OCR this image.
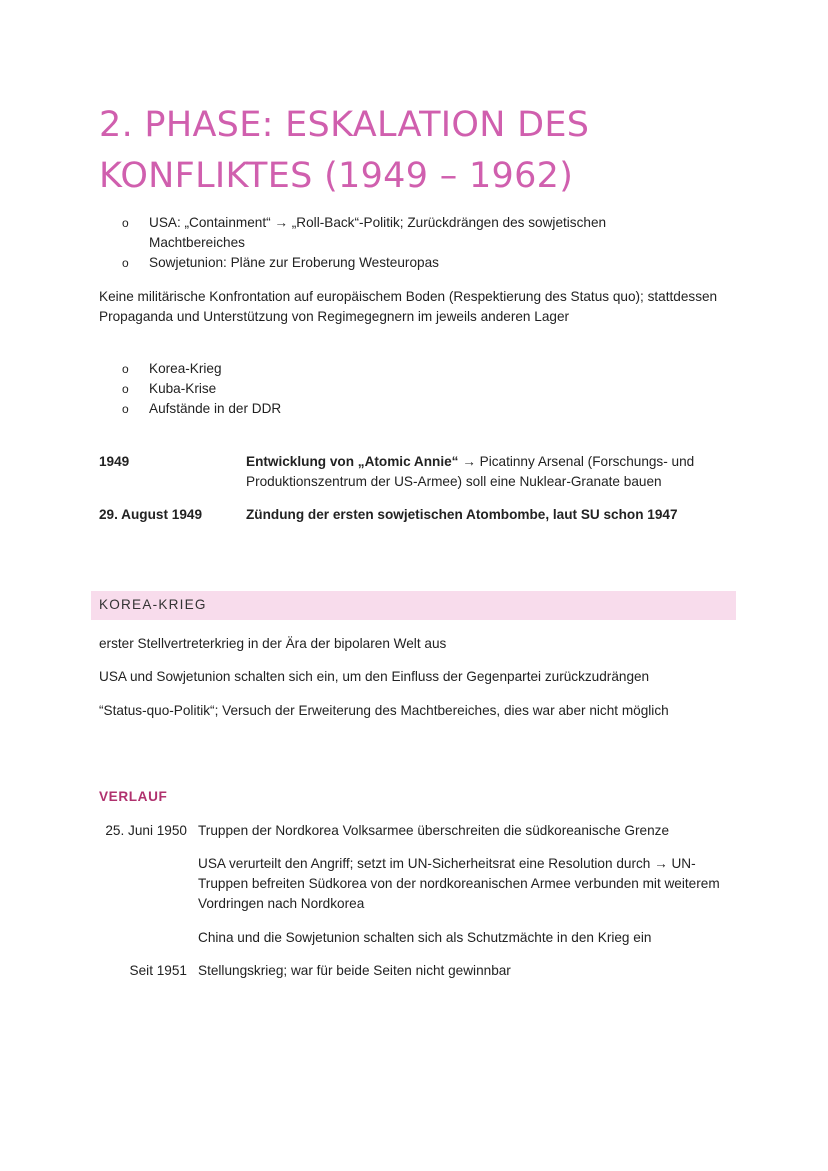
2. PHASE: ESKALATION DES
KONFLIKTES (1949 – 1962)
o USA: „Containment“ → „Roll-Back“-Politik; Zurückdrängen des sowjetischen Machtbereiches
o Sowjetunion: Pläne zur Eroberung Westeuropas

Keine militärische Konfrontation auf europäischem Boden (Respektierung des Status quo); stattdessen Propaganda und Unterstützung von Regimegegnern im jeweils anderen Lager

o Korea-Krieg
o Kuba-Krise
o Aufstände in der DDR
1949	Entwicklung von „Atomic Annie“ → Picatinny Arsenal (Forschungs- und Produktionszentrum der US-Armee) soll eine Nuklear-Granate bauen
29. August 1949	Zündung der ersten sowjetischen Atombombe, laut SU schon 1947
KOREA-KRIEG

erster Stellvertreterkrieg in der Ära der bipolaren Welt aus

USA und Sowjetunion schalten sich ein, um den Einfluss der Gegenpartei zurückzudrängen

“Status-quo-Politik“; Versuch der Erweiterung des Machtbereiches, dies war aber nicht möglich

VERLAUF
25. Juni 1950 Truppen der Nordkorea Volksarmee überschreiten die südkoreanische Grenze
USA verurteilt den Angriff; setzt im UN-Sicherheitsrat eine Resolution durch → UN-Truppen befreiten Südkorea von der nordkoreanischen Armee verbunden mit weiterem Vordringen nach Nordkorea
China und die Sowjetunion schalten sich als Schutzmächte in den Krieg ein
Seit 1951 Stellungskrieg; war für beide Seiten nicht gewinnbar
